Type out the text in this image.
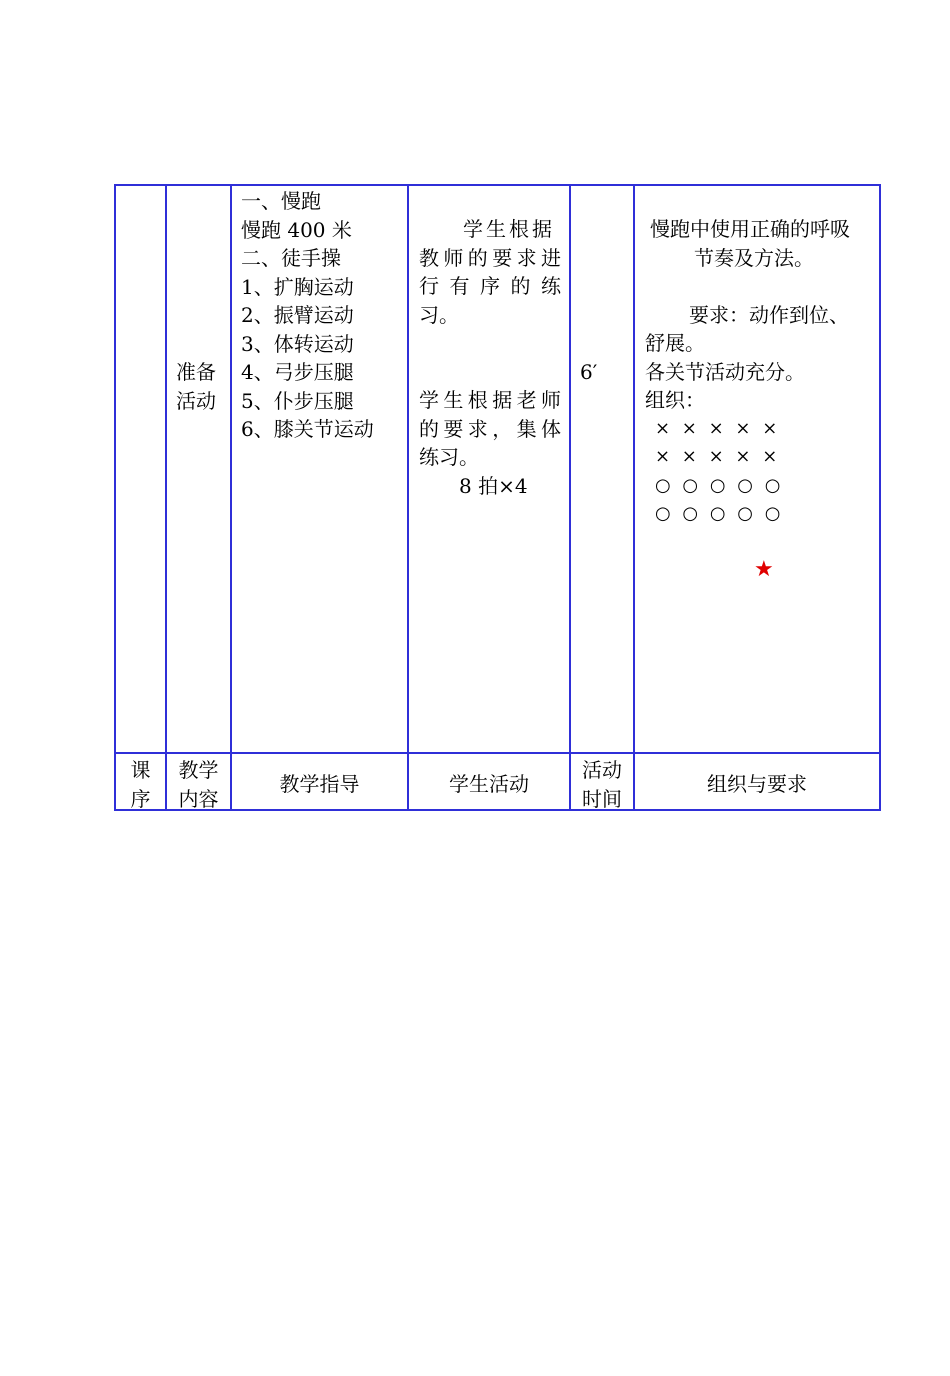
准备
活动
一、慢跑
慢跑 400 米
二、徒手操
1、扩胸运动
2、振臂运动
3、体转运动
4、弓步压腿
5、仆步压腿
6、膝关节运动
学生根据
教师的要求进
行有序的练
习。
学生根据老师
的要求，集体
练习。
8 拍×4
6′
慢跑中使用正确的呼吸
节奏及方法。
要求：动作到位、
舒展。
各关节活动充分。
组织：
× × × × ×
× × × × ×
○ ○ ○ ○ ○
○ ○ ○ ○ ○
★
课
序
教学
内容
教学指导	学生活动
活动
时间
组织与要求
